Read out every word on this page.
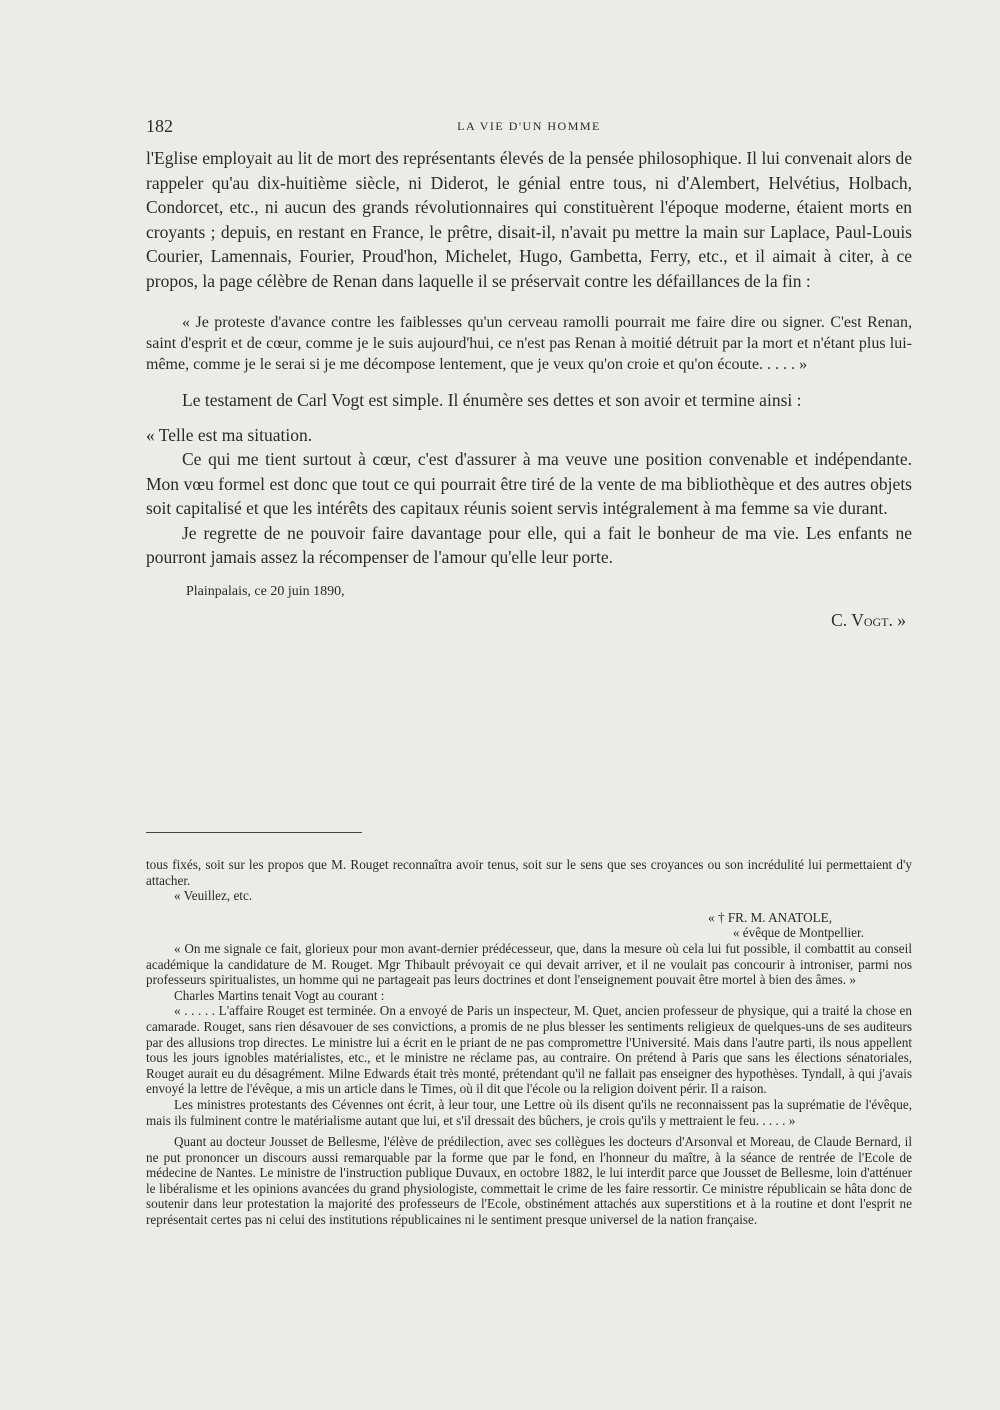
182	LA VIE D'UN HOMME

l'Eglise employait au lit de mort des représentants élevés de la pensée philosophique. Il lui convenait alors de rappeler qu'au dix-huitième siècle, ni Diderot, le génial entre tous, ni d'Alembert, Helvétius, Holbach, Condorcet, etc., ni aucun des grands révolutionnaires qui constituèrent l'époque moderne, étaient morts en croyants ; depuis, en restant en France, le prêtre, disait-il, n'avait pu mettre la main sur Laplace, Paul-Louis Courier, Lamennais, Fourier, Proud'hon, Michelet, Hugo, Gambetta, Ferry, etc., et il aimait à citer, à ce propos, la page célèbre de Renan dans laquelle il se préservait contre les défaillances de la fin :

« Je proteste d'avance contre les faiblesses qu'un cerveau ramolli pourrait me faire dire ou signer. C'est Renan, saint d'esprit et de cœur, comme je le suis aujourd'hui, ce n'est pas Renan à moitié détruit par la mort et n'étant plus lui-même, comme je le serai si je me décompose lentement, que je veux qu'on croie et qu'on écoute. . . . . »

Le testament de Carl Vogt est simple. Il énumère ses dettes et son avoir et termine ainsi :

« Telle est ma situation.

Ce qui me tient surtout à cœur, c'est d'assurer à ma veuve une position convenable et indépendante. Mon vœu formel est donc que tout ce qui pourrait être tiré de la vente de ma bibliothèque et des autres objets soit capitalisé et que les intérêts des capitaux réunis soient servis intégralement à ma femme sa vie durant.

Je regrette de ne pouvoir faire davantage pour elle, qui a fait le bonheur de ma vie. Les enfants ne pourront jamais assez la récompenser de l'amour qu'elle leur porte.

Plainpalais, ce 20 juin 1890,

C. Vogt. »

tous fixés, soit sur les propos que M. Rouget reconnaîtra avoir tenus, soit sur le sens que ses croyances ou son incrédulité lui permettaient d'y attacher.

« Veuillez, etc.

« † FR. M. ANATOLE,

« évêque de Montpellier.

« On me signale ce fait, glorieux pour mon avant-dernier prédécesseur, que, dans la mesure où cela lui fut possible, il combattit au conseil académique la candidature de M. Rouget. Mgr Thibault prévoyait ce qui devait arriver, et il ne voulait pas concourir à introniser, parmi nos professeurs spiritualistes, un homme qui ne partageait pas leurs doctrines et dont l'enseignement pouvait être mortel à bien des âmes. »

Charles Martins tenait Vogt au courant :

« . . . . . L'affaire Rouget est terminée. On a envoyé de Paris un inspecteur, M. Quet, ancien professeur de physique, qui a traité la chose en camarade. Rouget, sans rien désavouer de ses convictions, a promis de ne plus blesser les sentiments religieux de quelques-uns de ses auditeurs par des allusions trop directes. Le ministre lui a écrit en le priant de ne pas compromettre l'Université. Mais dans l'autre parti, ils nous appellent tous les jours ignobles matérialistes, etc., et le ministre ne réclame pas, au contraire. On prétend à Paris que sans les élections sénatoriales, Rouget aurait eu du désagrément. Milne Edwards était très monté, prétendant qu'il ne fallait pas enseigner des hypothèses. Tyndall, à qui j'avais envoyé la lettre de l'évêque, a mis un article dans le Times, où il dit que l'école ou la religion doivent périr. Il a raison.

Les ministres protestants des Cévennes ont écrit, à leur tour, une Lettre où ils disent qu'ils ne reconnaissent pas la suprématie de l'évêque, mais ils fulminent contre le matérialisme autant que lui, et s'il dressait des bûchers, je crois qu'ils y mettraient le feu. . . . . »

Quant au docteur Jousset de Bellesme, l'élève de prédilection, avec ses collègues les docteurs d'Arsonval et Moreau, de Claude Bernard, il ne put prononcer un discours aussi remarquable par la forme que par le fond, en l'honneur du maître, à la séance de rentrée de l'Ecole de médecine de Nantes. Le ministre de l'instruction publique Duvaux, en octobre 1882, le lui interdit parce que Jousset de Bellesme, loin d'atténuer le libéralisme et les opinions avancées du grand physiologiste, commettait le crime de les faire ressortir. Ce ministre républicain se hâta donc de soutenir dans leur protestation la majorité des professeurs de l'Ecole, obstinément attachés aux superstitions et à la routine et dont l'esprit ne représentait certes pas ni celui des institutions républicaines ni le sentiment presque universel de la nation française.
